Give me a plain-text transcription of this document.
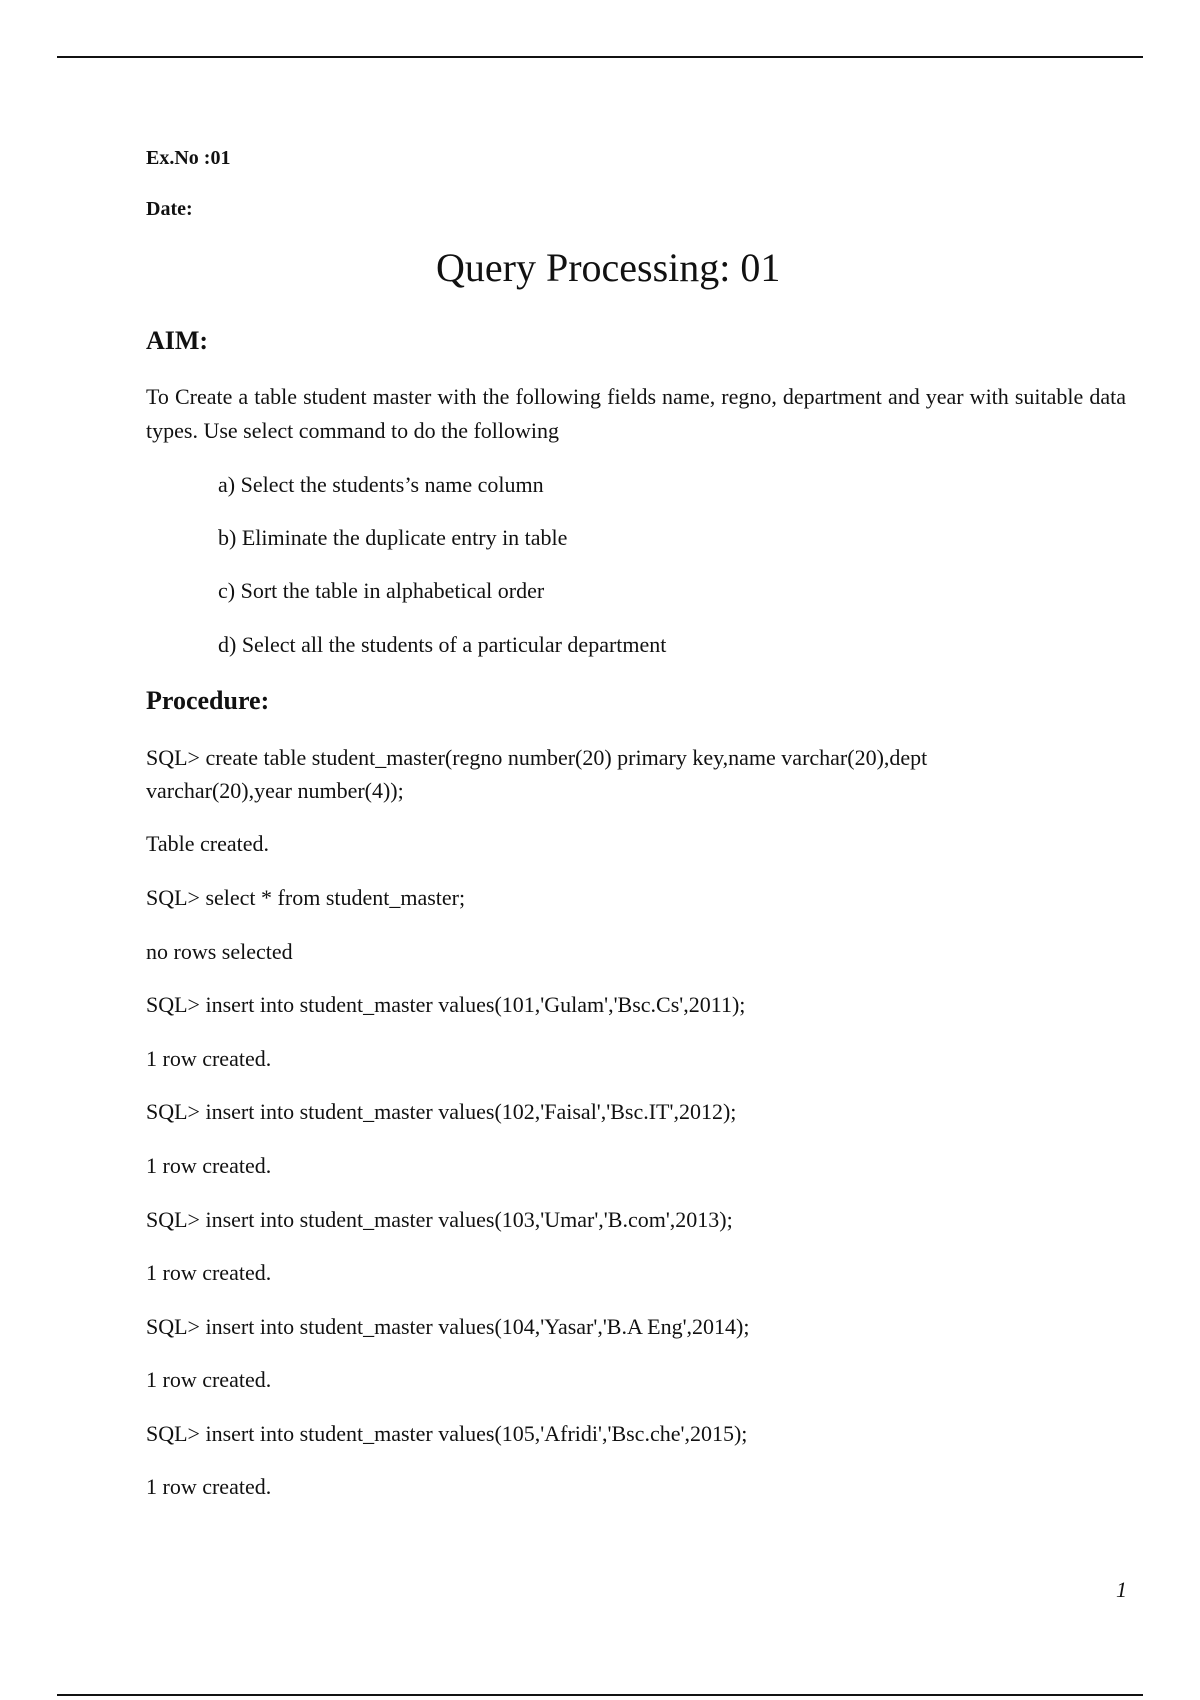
Ex.No :01
Date:
Query Processing: 01
AIM:
To Create a table student master with the following fields name, regno, department and year with suitable data types. Use select command to do the following
a) Select the students’s name column
b) Eliminate the duplicate entry in table
c) Sort the table in alphabetical order
d) Select all the students of a particular department
Procedure:
SQL> create table student_master(regno number(20) primary key,name varchar(20),dept
varchar(20),year number(4));
Table created.
SQL> select * from student_master;
no rows selected
SQL> insert into student_master values(101,'Gulam','Bsc.Cs',2011);
1 row created.
SQL> insert into student_master values(102,'Faisal','Bsc.IT',2012);
1 row created.
SQL> insert into student_master values(103,'Umar','B.com',2013);
1 row created.
SQL> insert into student_master values(104,'Yasar','B.A Eng',2014);
1 row created.
SQL> insert into student_master values(105,'Afridi','Bsc.che',2015);
1 row created.
1
